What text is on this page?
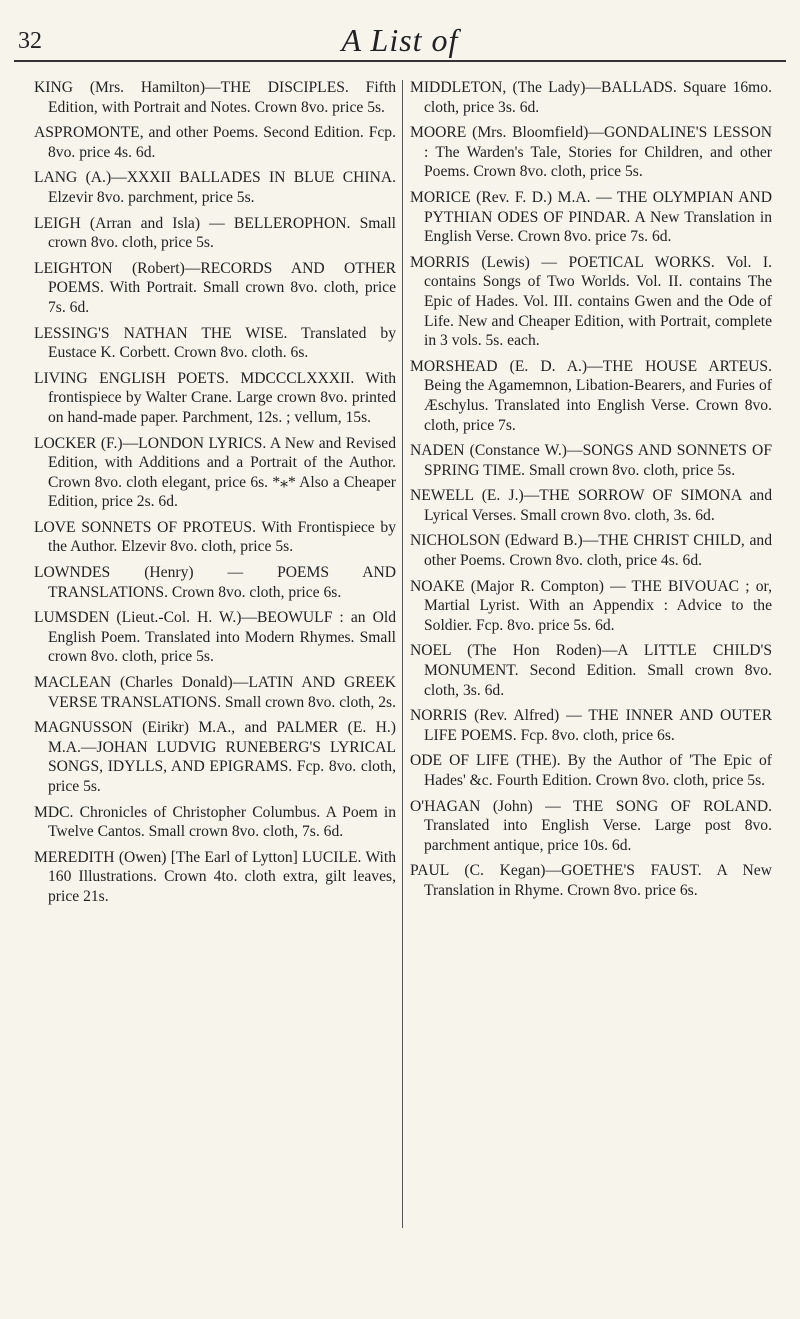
32	A List of

KING (Mrs. Hamilton)—THE DISCIPLES. Fifth Edition, with Portrait and Notes. Crown 8vo. price 5s.

ASPROMONTE, and other Poems. Second Edition. Fcp. 8vo. price 4s. 6d.

LANG (A.)—XXXII BALLADES IN BLUE CHINA. Elzevir 8vo. parchment, price 5s.

LEIGH (Arran and Isla) — BELLEROPHON. Small crown 8vo. cloth, price 5s.

LEIGHTON (Robert)—RECORDS AND OTHER POEMS. With Portrait. Small crown 8vo. cloth, price 7s. 6d.

LESSING'S NATHAN THE WISE. Translated by Eustace K. Corbett. Crown 8vo. cloth. 6s.

LIVING ENGLISH POETS. MDCCCLXXXII. With frontispiece by Walter Crane. Large crown 8vo. printed on hand-made paper. Parchment, 12s. ; vellum, 15s.

LOCKER (F.)—LONDON LYRICS. A New and Revised Edition, with Additions and a Portrait of the Author. Crown 8vo. cloth elegant, price 6s. *⁎* Also a Cheaper Edition, price 2s. 6d.

LOVE SONNETS OF PROTEUS. With Frontispiece by the Author. Elzevir 8vo. cloth, price 5s.

LOWNDES (Henry) — POEMS AND TRANSLATIONS. Crown 8vo. cloth, price 6s.

LUMSDEN (Lieut.-Col. H. W.)—BEOWULF : an Old English Poem. Translated into Modern Rhymes. Small crown 8vo. cloth, price 5s.

MACLEAN (Charles Donald)—LATIN AND GREEK VERSE TRANSLATIONS. Small crown 8vo. cloth, 2s.

MAGNUSSON (Eirikr) M.A., and PALMER (E. H.) M.A.—JOHAN LUDVIG RUNEBERG'S LYRICAL SONGS, IDYLLS, AND EPIGRAMS. Fcp. 8vo. cloth, price 5s.

MDC. Chronicles of Christopher Columbus. A Poem in Twelve Cantos. Small crown 8vo. cloth, 7s. 6d.

MEREDITH (Owen) [The Earl of Lytton] LUCILE. With 160 Illustrations. Crown 4to. cloth extra, gilt leaves, price 21s.

MIDDLETON, (The Lady)—BALLADS. Square 16mo. cloth, price 3s. 6d.

MOORE (Mrs. Bloomfield)—GONDALINE'S LESSON : The Warden's Tale, Stories for Children, and other Poems. Crown 8vo. cloth, price 5s.

MORICE (Rev. F. D.) M.A. — THE OLYMPIAN AND PYTHIAN ODES OF PINDAR. A New Translation in English Verse. Crown 8vo. price 7s. 6d.

MORRIS (Lewis) — POETICAL WORKS. Vol. I. contains Songs of Two Worlds. Vol. II. contains The Epic of Hades. Vol. III. contains Gwen and the Ode of Life. New and Cheaper Edition, with Portrait, complete in 3 vols. 5s. each.

MORSHEAD (E. D. A.)—THE HOUSE ARTEUS. Being the Agamemnon, Libation-Bearers, and Furies of Æschylus. Translated into English Verse. Crown 8vo. cloth, price 7s.

NADEN (Constance W.)—SONGS AND SONNETS OF SPRING TIME. Small crown 8vo. cloth, price 5s.

NEWELL (E. J.)—THE SORROW OF SIMONA and Lyrical Verses. Small crown 8vo. cloth, 3s. 6d.

NICHOLSON (Edward B.)—THE CHRIST CHILD, and other Poems. Crown 8vo. cloth, price 4s. 6d.

NOAKE (Major R. Compton) — THE BIVOUAC ; or, Martial Lyrist. With an Appendix : Advice to the Soldier. Fcp. 8vo. price 5s. 6d.

NOEL (The Hon Roden)—A LITTLE CHILD'S MONUMENT. Second Edition. Small crown 8vo. cloth, 3s. 6d.

NORRIS (Rev. Alfred) — THE INNER AND OUTER LIFE POEMS. Fcp. 8vo. cloth, price 6s.

ODE OF LIFE (THE). By the Author of 'The Epic of Hades' &c. Fourth Edition. Crown 8vo. cloth, price 5s.

O'HAGAN (John) — THE SONG OF ROLAND. Translated into English Verse. Large post 8vo. parchment antique, price 10s. 6d.

PAUL (C. Kegan)—GOETHE'S FAUST. A New Translation in Rhyme. Crown 8vo. price 6s.
